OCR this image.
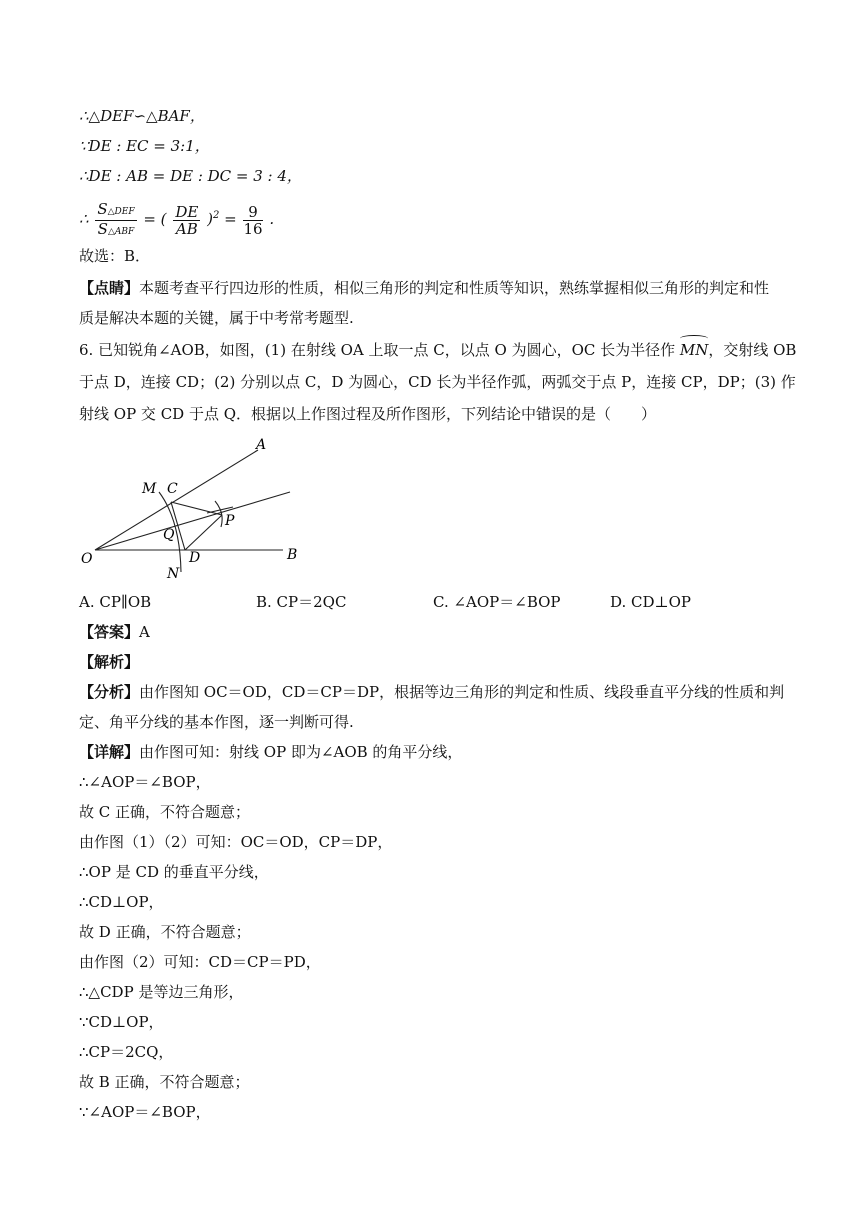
∴△DEF∽△BAF，
∵DE : EC = 3:1，
∴DE : AB = DE : DC = 3 : 4，
∴ $\frac{\text{S△DEF}}{\text{S△ABF}}$ = ( $\frac{DE}{AB} )^2 = \frac{9}{16}$ .
故选：B．
【点睛】本题考查平行四边形的性质，相似三角形的判定和性质等知识，熟练掌握相似三角形的判定和性
质是解决本题的关键，属于中考常考题型.
6. 已知锐角∠AOB，如图，(1) 在射线 OA 上取一点 C，以点 O 为圆心，OC 长为半径作 MN，交射线 OB
于点 D，连接 CD；(2) 分别以点 C，D 为圆心，CD 长为半径作弧，两弧交于点 P，连接 CP，DP；(3) 作
射线 OP 交 CD 于点 Q．根据以上作图过程及所作图形，下列结论中错误的是（　　）
A
M C
P
Q
O	D	B
N
A. CP∥OB	B. CP＝2QC	C. ∠AOP＝∠BOP	D. CD⊥OP
【答案】A
【解析】
【分析】由作图知 OC＝OD，CD＝CP＝DP，根据等边三角形的判定和性质、线段垂直平分线的性质和判
定、角平分线的基本作图，逐一判断可得.
【详解】由作图可知：射线 OP 即为∠AOB 的角平分线，
∴∠AOP＝∠BOP，
故 C 正确，不符合题意；
由作图（1）（2）可知：OC＝OD，CP＝DP，
∴OP 是 CD 的垂直平分线，
∴CD⊥OP，
故 D 正确，不符合题意；
由作图（2）可知：CD＝CP＝PD，
∴△CDP 是等边三角形，
∵CD⊥OP，
∴CP＝2CQ，
故 B 正确，不符合题意；
∵∠AOP＝∠BOP，
